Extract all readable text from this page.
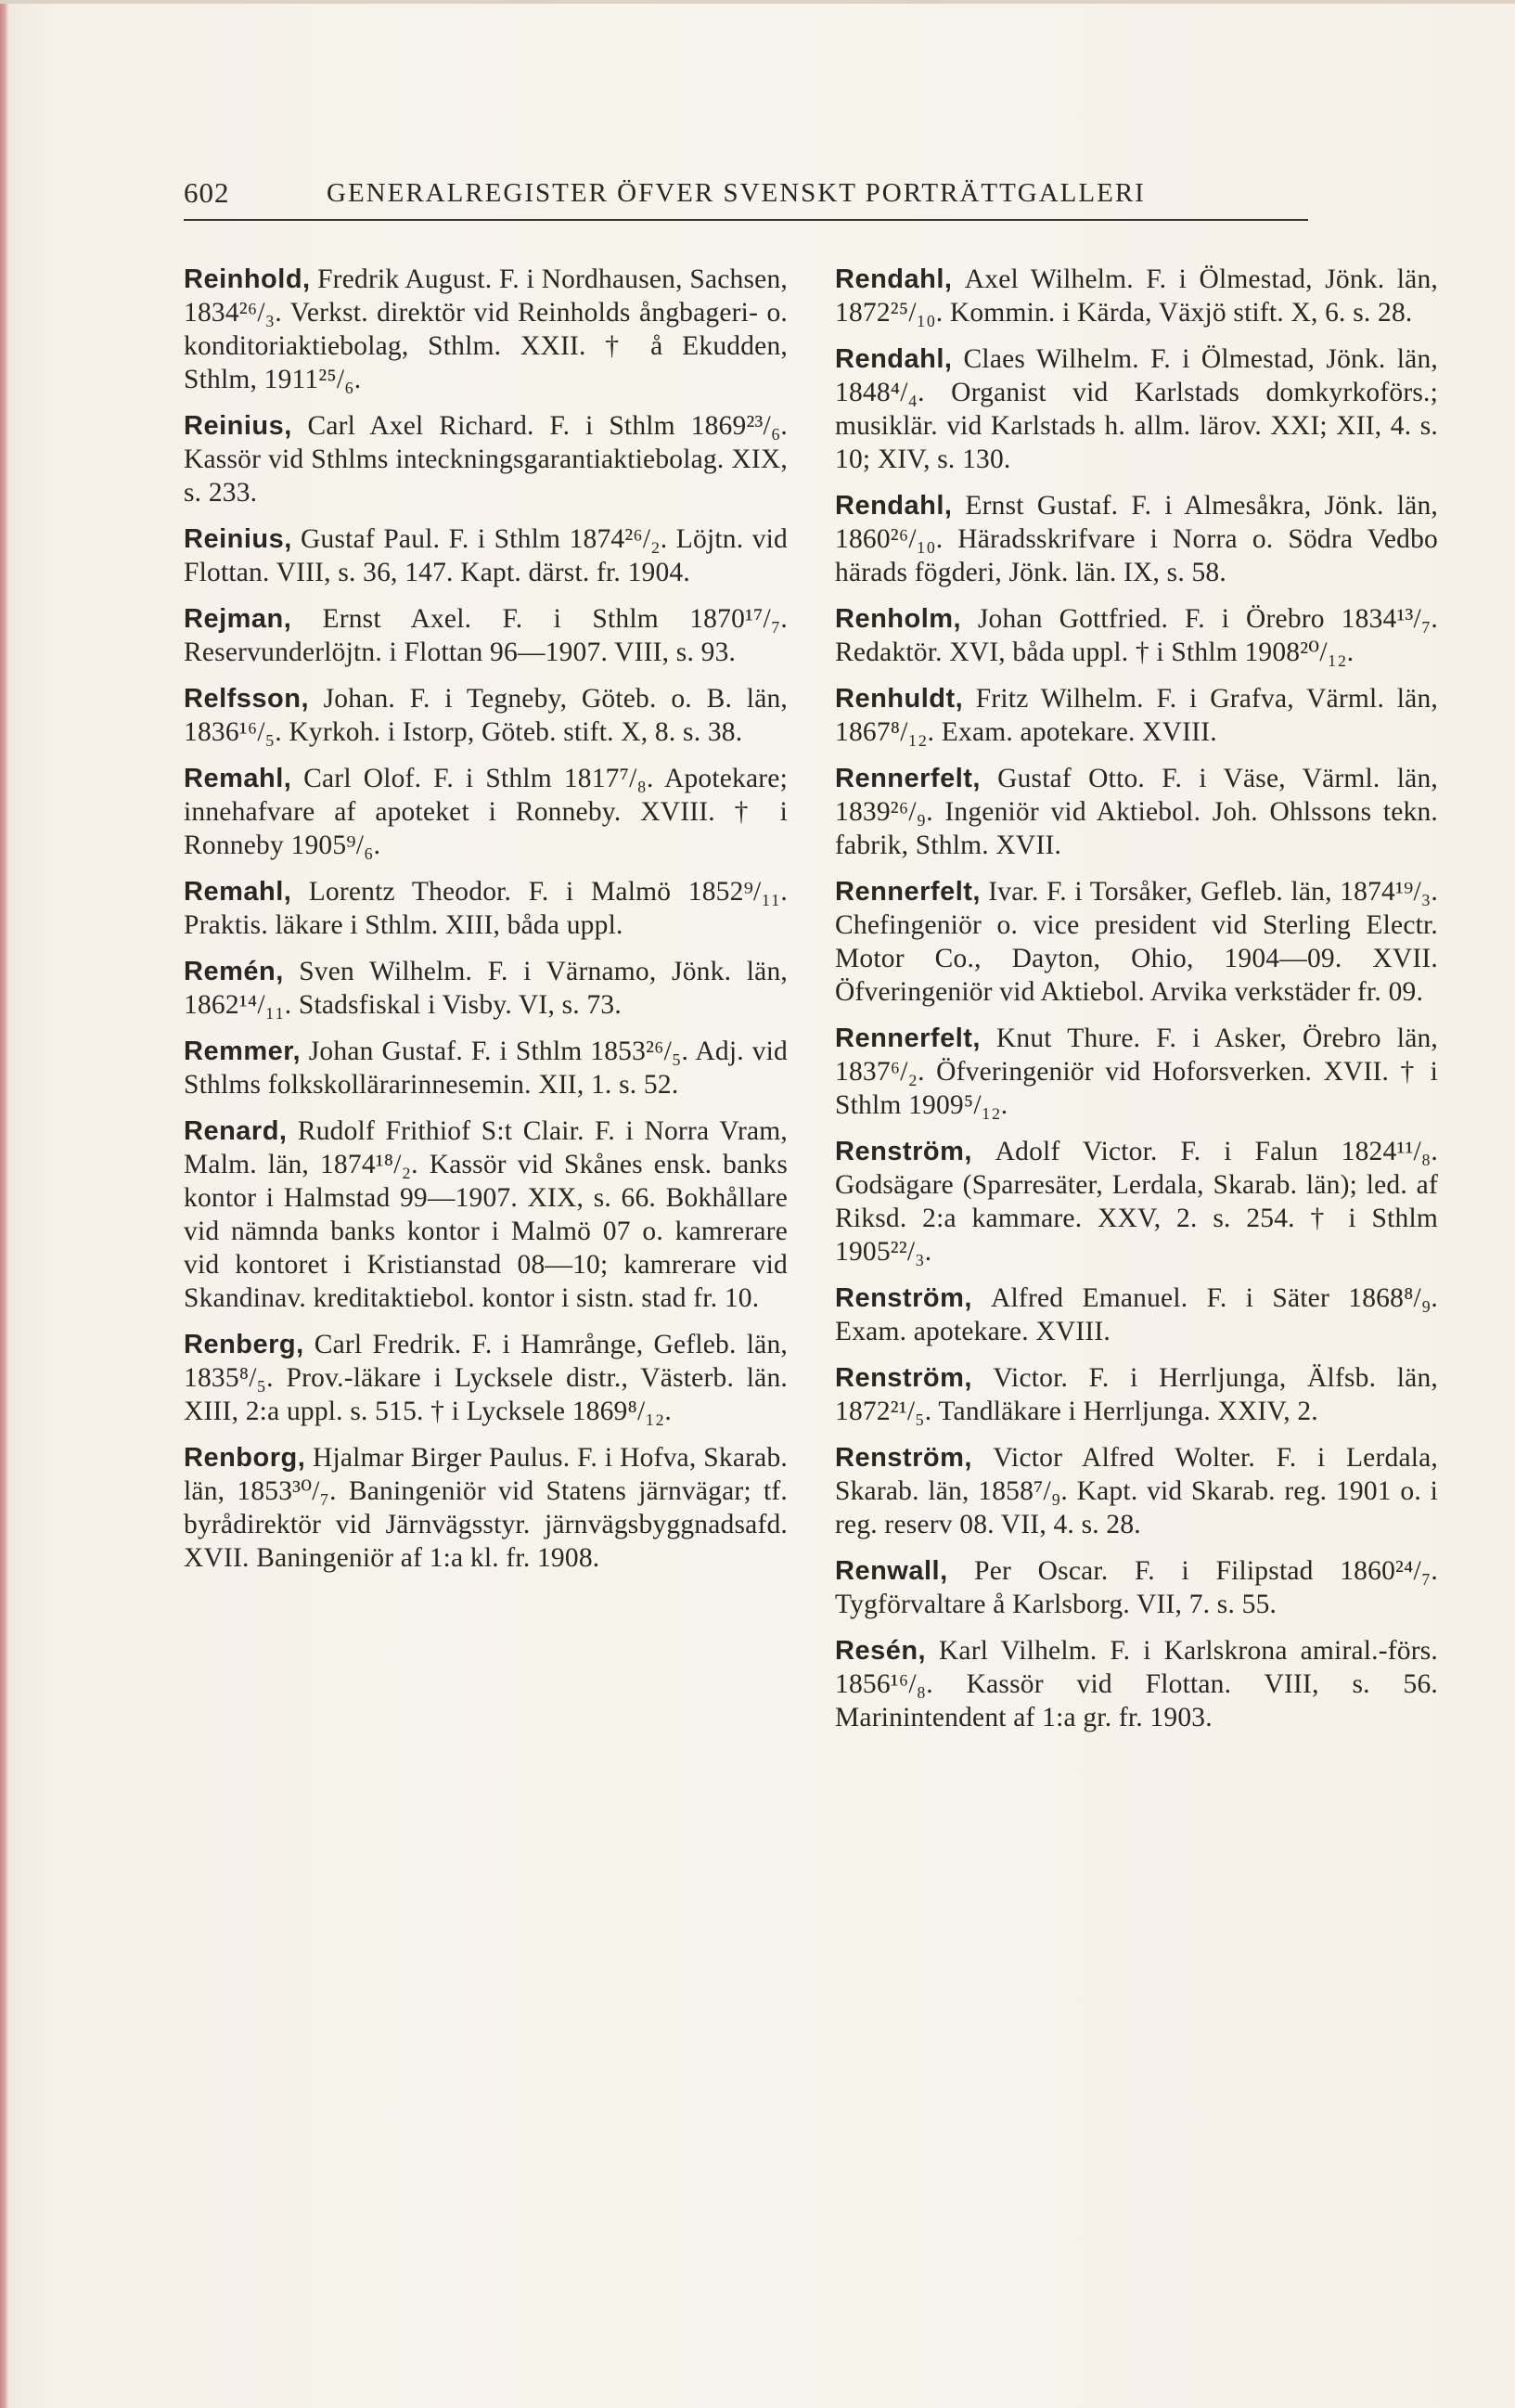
602	GENERALREGISTER ÖFVER SVENSKT PORTRÄTTGALLERI

Reinhold, Fredrik August. F. i Nordhausen, Sachsen, 1834²⁶/₃. Verkst. direktör vid Reinholds ångbageri- o. konditoriaktiebolag, Sthlm. XXII. † å Ekudden, Sthlm, 1911²⁵/₆.

Reinius, Carl Axel Richard. F. i Sthlm 1869²³/₆. Kassör vid Sthlms inteckningsgarantiaktiebolag. XIX, s. 233.

Reinius, Gustaf Paul. F. i Sthlm 1874²⁶/₂. Löjtn. vid Flottan. VIII, s. 36, 147. Kapt. därst. fr. 1904.

Rejman, Ernst Axel. F. i Sthlm 1870¹⁷/₇. Reservunderlöjtn. i Flottan 96—1907. VIII, s. 93.

Relfsson, Johan. F. i Tegneby, Göteb. o. B. län, 1836¹⁶/₅. Kyrkoh. i Istorp, Göteb. stift. X, 8. s. 38.

Remahl, Carl Olof. F. i Sthlm 1817⁷/₈. Apotekare; innehafvare af apoteket i Ronneby. XVIII. † i Ronneby 1905⁹/₆.

Remahl, Lorentz Theodor. F. i Malmö 1852⁹/₁₁. Praktis. läkare i Sthlm. XIII, båda uppl.

Remén, Sven Wilhelm. F. i Värnamo, Jönk. län, 1862¹⁴/₁₁. Stadsfiskal i Visby. VI, s. 73.

Remmer, Johan Gustaf. F. i Sthlm 1853²⁶/₅. Adj. vid Sthlms folkskollärarinnesemin. XII, 1. s. 52.

Renard, Rudolf Frithiof S:t Clair. F. i Norra Vram, Malm. län, 1874¹⁸/₂. Kassör vid Skånes ensk. banks kontor i Halmstad 99—1907. XIX, s. 66. Bokhållare vid nämnda banks kontor i Malmö 07 o. kamrerare vid kontoret i Kristianstad 08—10; kamrerare vid Skandinav. kreditaktiebol. kontor i sistn. stad fr. 10.

Renberg, Carl Fredrik. F. i Hamrånge, Gefleb. län, 1835⁸/₅. Prov.-läkare i Lycksele distr., Västerb. län. XIII, 2:a uppl. s. 515. † i Lycksele 1869⁸/₁₂.

Renborg, Hjalmar Birger Paulus. F. i Hofva, Skarab. län, 1853³⁰/₇. Baningeniör vid Statens järnvägar; tf. byrådirektör vid Järnvägsstyr. järnvägsbyggnadsafd. XVII. Baningeniör af 1:a kl. fr. 1908.

Rendahl, Axel Wilhelm. F. i Ölmestad, Jönk. län, 1872²⁵/₁₀. Kommin. i Kärda, Växjö stift. X, 6. s. 28.

Rendahl, Claes Wilhelm. F. i Ölmestad, Jönk. län, 1848⁴/₄. Organist vid Karlstads domkyrkoförs.; musiklär. vid Karlstads h. allm. lärov. XXI; XII, 4. s. 10; XIV, s. 130.

Rendahl, Ernst Gustaf. F. i Almesåkra, Jönk. län, 1860²⁶/₁₀. Häradsskrifvare i Norra o. Södra Vedbo härads fögderi, Jönk. län. IX, s. 58.

Renholm, Johan Gottfried. F. i Örebro 1834¹³/₇. Redaktör. XVI, båda uppl. † i Sthlm 1908²⁰/₁₂.

Renhuldt, Fritz Wilhelm. F. i Grafva, Värml. län, 1867⁸/₁₂. Exam. apotekare. XVIII.

Rennerfelt, Gustaf Otto. F. i Väse, Värml. län, 1839²⁶/₉. Ingeniör vid Aktiebol. Joh. Ohlssons tekn. fabrik, Sthlm. XVII.

Rennerfelt, Ivar. F. i Torsåker, Gefleb. län, 1874¹⁹/₃. Chefingeniör o. vice president vid Sterling Electr. Motor Co., Dayton, Ohio, 1904—09. XVII. Öfveringeniör vid Aktiebol. Arvika verkstäder fr. 09.

Rennerfelt, Knut Thure. F. i Asker, Örebro län, 1837⁶/₂. Öfveringeniör vid Hoforsverken. XVII. † i Sthlm 1909⁵/₁₂.

Renström, Adolf Victor. F. i Falun 1824¹¹/₈. Godsägare (Sparresäter, Lerdala, Skarab. län); led. af Riksd. 2:a kammare. XXV, 2. s. 254. † i Sthlm 1905²²/₃.

Renström, Alfred Emanuel. F. i Säter 1868⁸/₉. Exam. apotekare. XVIII.

Renström, Victor. F. i Herrljunga, Älfsb. län, 1872²¹/₅. Tandläkare i Herrljunga. XXIV, 2.

Renström, Victor Alfred Wolter. F. i Lerdala, Skarab. län, 1858⁷/₉. Kapt. vid Skarab. reg. 1901 o. i reg. reserv 08. VII, 4. s. 28.

Renwall, Per Oscar. F. i Filipstad 1860²⁴/₇. Tygförvaltare å Karlsborg. VII, 7. s. 55.

Resén, Karl Vilhelm. F. i Karlskrona amiral.-förs. 1856¹⁶/₈. Kassör vid Flottan. VIII, s. 56. Marinintendent af 1:a gr. fr. 1903.
